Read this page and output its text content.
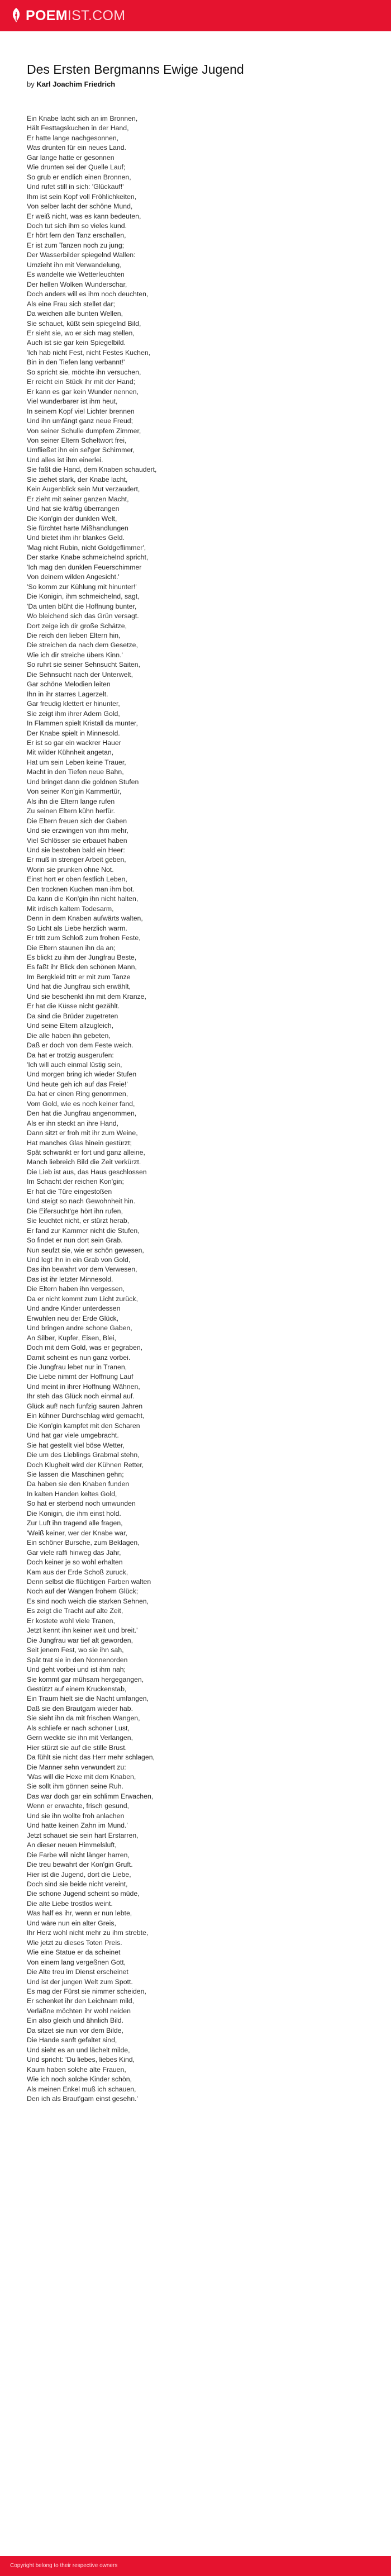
POEMIST.COM
Des Ersten Bergmanns Ewige Jugend

by Karl Joachim Friedrich

Ein Knabe lacht sich an im Bronnen,
Hält Festtagskuchen in der Hand,
Er hatte lange nachgesonnen,
Was drunten für ein neues Land.
Gar lange hatte er gesonnen
Wie drunten sei der Quelle Lauf;
So grub er endlich einen Bronnen,
Und rufet still in sich: 'Glückauf!'
Ihm ist sein Kopf voll Fröhlichkeiten,
Von selber lacht der schöne Mund,
Er weiß nicht, was es kann bedeuten,
Doch tut sich ihm so vieles kund.
Er hört fern den Tanz erschallen,
Er ist zum Tanzen noch zu jung;
Der Wasserbilder spiegelnd Wallen:
Umzieht ihn mit Verwandelung,
Es wandelte wie Wetterleuchten
Der hellen Wolken Wunderschar,
Doch anders will es ihm noch deuchten,
Als eine Frau sich stellet dar;
Da weichen alle bunten Wellen,
Sie schauet, küßt sein spiegelnd Bild,
Er sieht sie, wo er sich mag stellen,
Auch ist sie gar kein Spiegelbild.
'Ich hab nicht Fest, nicht Festes Kuchen,
Bin in den Tiefen lang verbannt!'
So spricht sie, möchte ihn versuchen,
Er reicht ein Stück ihr mit der Hand;
Er kann es gar kein Wunder nennen,
Viel wunderbarer ist ihm heut,
In seinem Kopf viel Lichter brennen
Und ihn umfängt ganz neue Freud;
Von seiner Schulle dumpfem Zimmer,
Von seiner Eltern Scheltwort frei,
Umfließet ihn ein sel'ger Schimmer,
Und alles ist ihm einerlei.
Sie faßt die Hand, dem Knaben schaudert,
Sie ziehet stark, der Knabe lacht,
Kein Augenblick sein Mut verzaudert,
Er zieht mit seiner ganzen Macht,
Und hat sie kräftig überrangen
Die Kon'gin der dunklen Welt,
Sie fürchtet harte Mißhandlungen
Und bietet ihm ihr blankes Geld.
'Mag nicht Rubin, nicht Goldgeflimmer',
Der starke Knabe schmeichelnd spricht,
'Ich mag den dunklen Feuerschimmer
Von deinem wilden Angesicht.'
'So komm zur Kühlung mit hinunter!'
Die Konigin, ihm schmeichelnd, sagt,
'Da unten blüht die Hoffnung bunter,
Wo bleichend sich das Grün versagt.
Dort zeige ich dir große Schätze,
Die reich den lieben Eltern hin,
Die streichen da nach dem Gesetze,
Wie ich dir streiche übers Kinn.'
So ruhrt sie seiner Sehnsucht Saiten,
Die Sehnsucht nach der Unterwelt,
Gar schöne Melodien leiten
Ihn in ihr starres Lagerzelt.
Gar freudig klettert er hinunter,
Sie zeigt ihm ihrer Adern Gold,
In Flammen spielt Kristall da munter,
Der Knabe spielt in Minnesold.
Er ist so gar ein wackrer Hauer
Mit wilder Kühnheit angetan,
Hat um sein Leben keine Trauer,
Macht in den Tiefen neue Bahn,
Und bringet dann die goldnen Stufen
Von seiner Kon'gin Kammertür,
Als ihn die Eltern lange rufen
Zu seinen Eltern kühn herfür.
Die Eltern freuen sich der Gaben
Und sie erzwingen von ihm mehr,
Viel Schlösser sie erbauet haben
Und sie bestoben bald ein Heer:
Er muß in strenger Arbeit geben,
Worin sie prunken ohne Not.
Einst hort er oben festlich Leben,
Den trocknen Kuchen man ihm bot.
Da kann die Kon'gin ihn nicht halten,
Mit irdisch kaltem Todesarm,
Denn in dem Knaben aufwärts walten,
So Licht als Liebe herzlich warm.
Er tritt zum Schloß zum frohen Feste,
Die Eltern staunen ihn da an;
Es blickt zu ihm der Jungfrau Beste,
Es faßt ihr Blick den schönen Mann,
Im Bergkleid tritt er mit zum Tanze
Und hat die Jungfrau sich erwählt,
Und sie beschenkt ihn mit dem Kranze,
Er hat die Küsse nicht gezählt.
Da sind die Brüder zugetreten
Und seine Eltern allzugleich,
Die alle haben ihn gebeten,
Daß er doch von dem Feste weich.
Da hat er trotzig ausgerufen:
'Ich will auch einmal lüstig sein,
Und morgen bring ich wieder Stufen
Und heute geh ich auf das Freie!'
Da hat er einen Ring genommen,
Vom Gold, wie es noch keiner fand,
Den hat die Jungfrau angenommen,
Als er ihn steckt an ihre Hand,
Dann sitzt er froh mit ihr zum Weine,
Hat manches Glas hinein gestürzt;
Spät schwankt er fort und ganz alleine,
Manch liebreich Bild die Zeit verkürzt.
Die Lieb ist aus, das Haus geschlossen
Im Schacht der reichen Kon'gin;
Er hat die Türe eingestoßen
Und steigt so nach Gewohnheit hin.
Die Eifersucht'ge hört ihn rufen,
Sie leuchtet nicht, er stürzt herab,
Er fand zur Kammer nicht die Stufen,
So findet er nun dort sein Grab.
Nun seufzt sie, wie er schön gewesen,
Und legt ihn in ein Grab von Gold,
Das ihn bewahrt vor dem Verwesen,
Das ist ihr letzter Minnesold.
Die Eltern haben ihn vergessen,
Da er nicht kommt zum Licht zurück,
Und andre Kinder unterdessen
Erwuhlen neu der Erde Glück,
Und bringen andre schone Gaben,
An Silber, Kupfer, Eisen, Blei,
Doch mit dem Gold, was er gegraben,
Damit scheint es nun ganz vorbei.
Die Jungfrau lebet nur in Tranen,
Die Liebe nimmt der Hoffnung Lauf
Und meint in ihrer Hoffnung Wähnen,
Ihr steh das Glück noch einmal auf.
Glück auf! nach funfzig sauren Jahren
Ein kühner Durchschlag wird gemacht,
Die Kon'gin kampfet mit den Scharen
Und hat gar viele umgebracht.
Sie hat gestellt viel böse Wetter,
Die um des Lieblings Grabmal stehn,
Doch Klugheit wird der Kühnen Retter,
Sie lassen die Maschinen gehn;
Da haben sie den Knaben funden
In kalten Handen keltes Gold,
So hat er sterbend noch umwunden
Die Konigin, die ihm einst hold.
Zur Luft ihn tragend alle fragen,
'Weiß keiner, wer der Knabe war,
Ein schöner Bursche, zum Beklagen,
Gar viele raffi hinweg das Jahr,
Doch keiner je so wohl erhalten
Kam aus der Erde Schoß zuruck,
Denn selbst die flüchtigen Farben walten
Noch auf der Wangen frohem Glück;
Es sind noch weich die starken Sehnen,
Es zeigt die Tracht auf alte Zeit,
Er kostete wohl viele Tranen,
Jetzt kennt ihn keiner weit und breit.'
Die Jungfrau war tief alt geworden,
Seit jenem Fest, wo sie ihn sah,
Spät trat sie in den Nonnenorden
Und geht vorbei und ist ihm nah;
Sie kommt gar mühsam hergegangen,
Gestützt auf einem Kruckenstab,
Ein Traum hielt sie die Nacht umfangen,
Daß sie den Brautgam wieder hab.
Sie sieht ihn da mit frischen Wangen,
Als schliefe er nach schoner Lust,
Gern weckte sie ihn mit Verlangen,
Hier stürzt sie auf die stille Brust.
Da fühlt sie nicht das Herr mehr schlagen,
Die Manner sehn verwundert zu:
'Was will die Hexe mit dem Knaben,
Sie sollt ihm gönnen seine Ruh.
Das war doch gar ein schlimm Erwachen,
Wenn er erwachte, frisch gesund,
Und sie ihn wollte froh anlachen
Und hatte keinen Zahn im Mund.'
Jetzt schauet sie sein hart Erstarren,
An dieser neuen Himmelsluft,
Die Farbe will nicht länger harren,
Die treu bewahrt der Kon'gin Gruft.
Hier ist die Jugend, dort die Liebe,
Doch sind sie beide nicht vereint,
Die schone Jugend scheint so müde,
Die alte Liebe trostlos weint.
Was half es ihr, wenn er nun lebte,
Und wäre nun ein alter Greis,
Ihr Herz wohl nicht mehr zu ihm strebte,
Wie jetzt zu dieses Toten Preis.
Wie eine Statue er da scheinet
Von einem lang vergeßnen Gott,
Die Alte treu im Dienst erscheinet
Und ist der jungen Welt zum Spott.
Es mag der Fürst sie nimmer scheiden,
Er schenket ihr den Leichnam mild,
Verläßne möchten ihr wohl neiden
Ein also gleich und ähnlich Bild.
Da sitzet sie nun vor dem Bilde,
Die Hande sanft gefaltet sind,
Und sieht es an und lächelt milde,
Und spricht: 'Du liebes, liebes Kind,
Kaum haben solche alte Frauen,
Wie ich noch solche Kinder schön,
Als meinen Enkel muß ich schauen,
Den ich als Braut'gam einst gesehn.'
Copyright belong to their respective owners
